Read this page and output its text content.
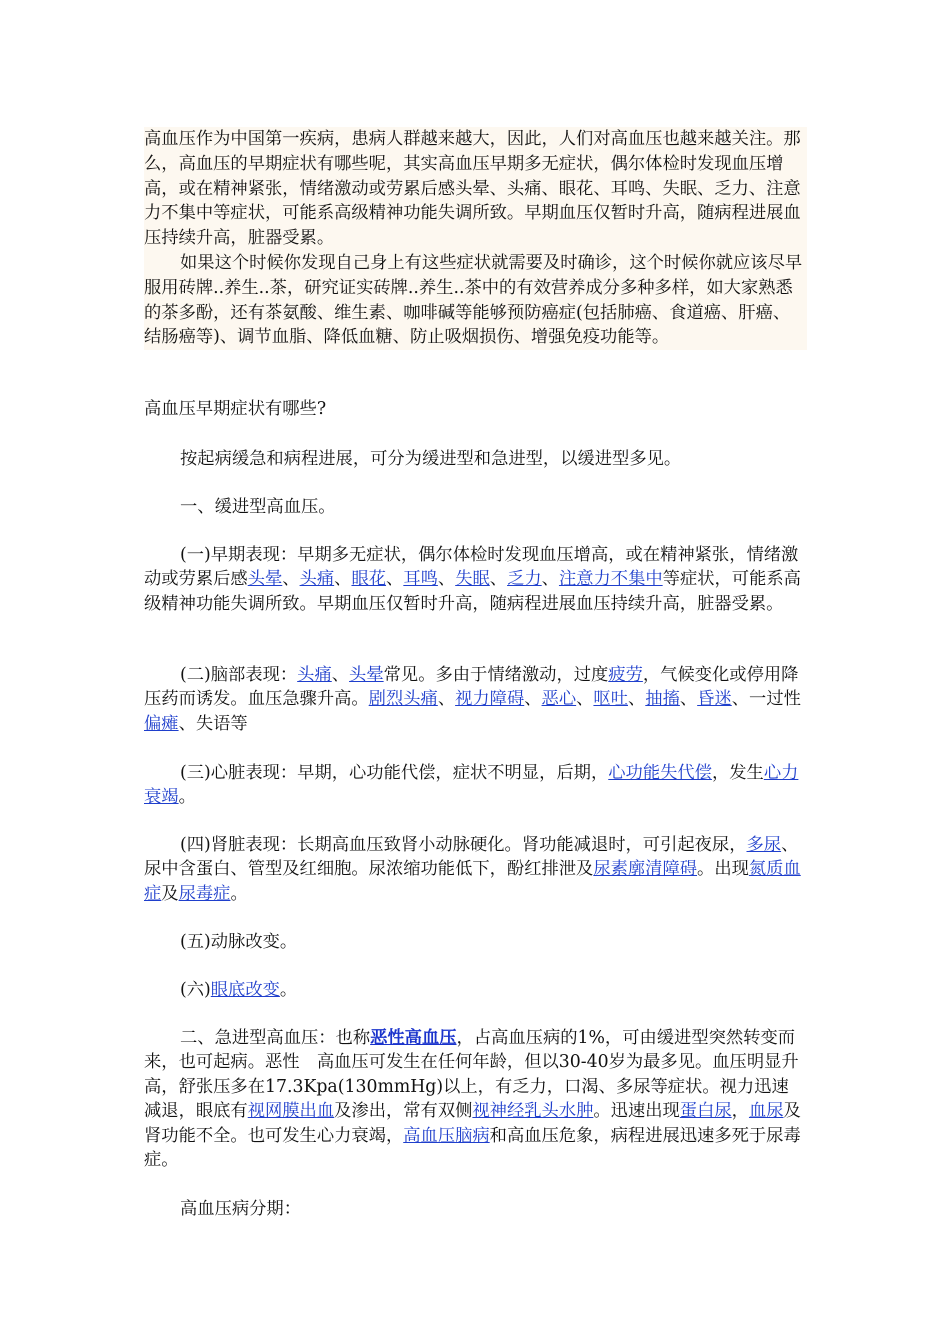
高血压作为中国第一疾病，患病人群越来越大，因此，人们对高血压也越来越关注。那么，高血压的早期症状有哪些呢，其实高血压早期多无症状，偶尔体检时发现血压增高，或在精神紧张，情绪激动或劳累后感头晕、头痛、眼花、耳鸣、失眠、乏力、注意力不集中等症状，可能系高级精神功能失调所致。早期血压仅暂时升高，随病程进展血压持续升高，脏器受累。

如果这个时候你发现自己身上有这些症状就需要及时确诊，这个时候你就应该尽早服用砖牌..养生..茶，研究证实砖牌..养生..茶中的有效营养成分多种多样，如大家熟悉的茶多酚，还有茶氨酸、维生素、咖啡碱等能够预防癌症(包括肺癌、食道癌、肝癌、结肠癌等)、调节血脂、降低血糖、防止吸烟损伤、增强免疫功能等。

高血压早期症状有哪些?

按起病缓急和病程进展，可分为缓进型和急进型，以缓进型多见。

一、缓进型高血压。

(一)早期表现：早期多无症状，偶尔体检时发现血压增高，或在精神紧张，情绪激动或劳累后感头晕、头痛、眼花、耳鸣、失眠、乏力、注意力不集中等症状，可能系高级精神功能失调所致。早期血压仅暂时升高，随病程进展血压持续升高，脏器受累。

(二)脑部表现：头痛、头晕常见。多由于情绪激动，过度疲劳，气候变化或停用降压药而诱发。血压急骤升高。剧烈头痛、视力障碍、恶心、呕吐、抽搐、昏迷、一过性偏瘫、失语等

(三)心脏表现：早期，心功能代偿，症状不明显，后期，心功能失代偿，发生心力衰竭。

(四)肾脏表现：长期高血压致肾小动脉硬化。肾功能减退时，可引起夜尿，多尿、尿中含蛋白、管型及红细胞。尿浓缩功能低下，酚红排泄及尿素廓清障碍。出现氮质血症及尿毒症。

(五)动脉改变。

(六)眼底改变。

二、急进型高血压：也称恶性高血压，占高血压病的1%，可由缓进型突然转变而来，也可起病。恶性　高血压可发生在任何年龄，但以30-40岁为最多见。血压明显升高，舒张压多在17.3Kpa(130mmHg)以上，有乏力，口渴、多尿等症状。视力迅速减退，眼底有视网膜出血及渗出，常有双侧视神经乳头水肿。迅速出现蛋白尿，血尿及肾功能不全。也可发生心力衰竭，高血压脑病和高血压危象，病程进展迅速多死于尿毒症。

高血压病分期：
